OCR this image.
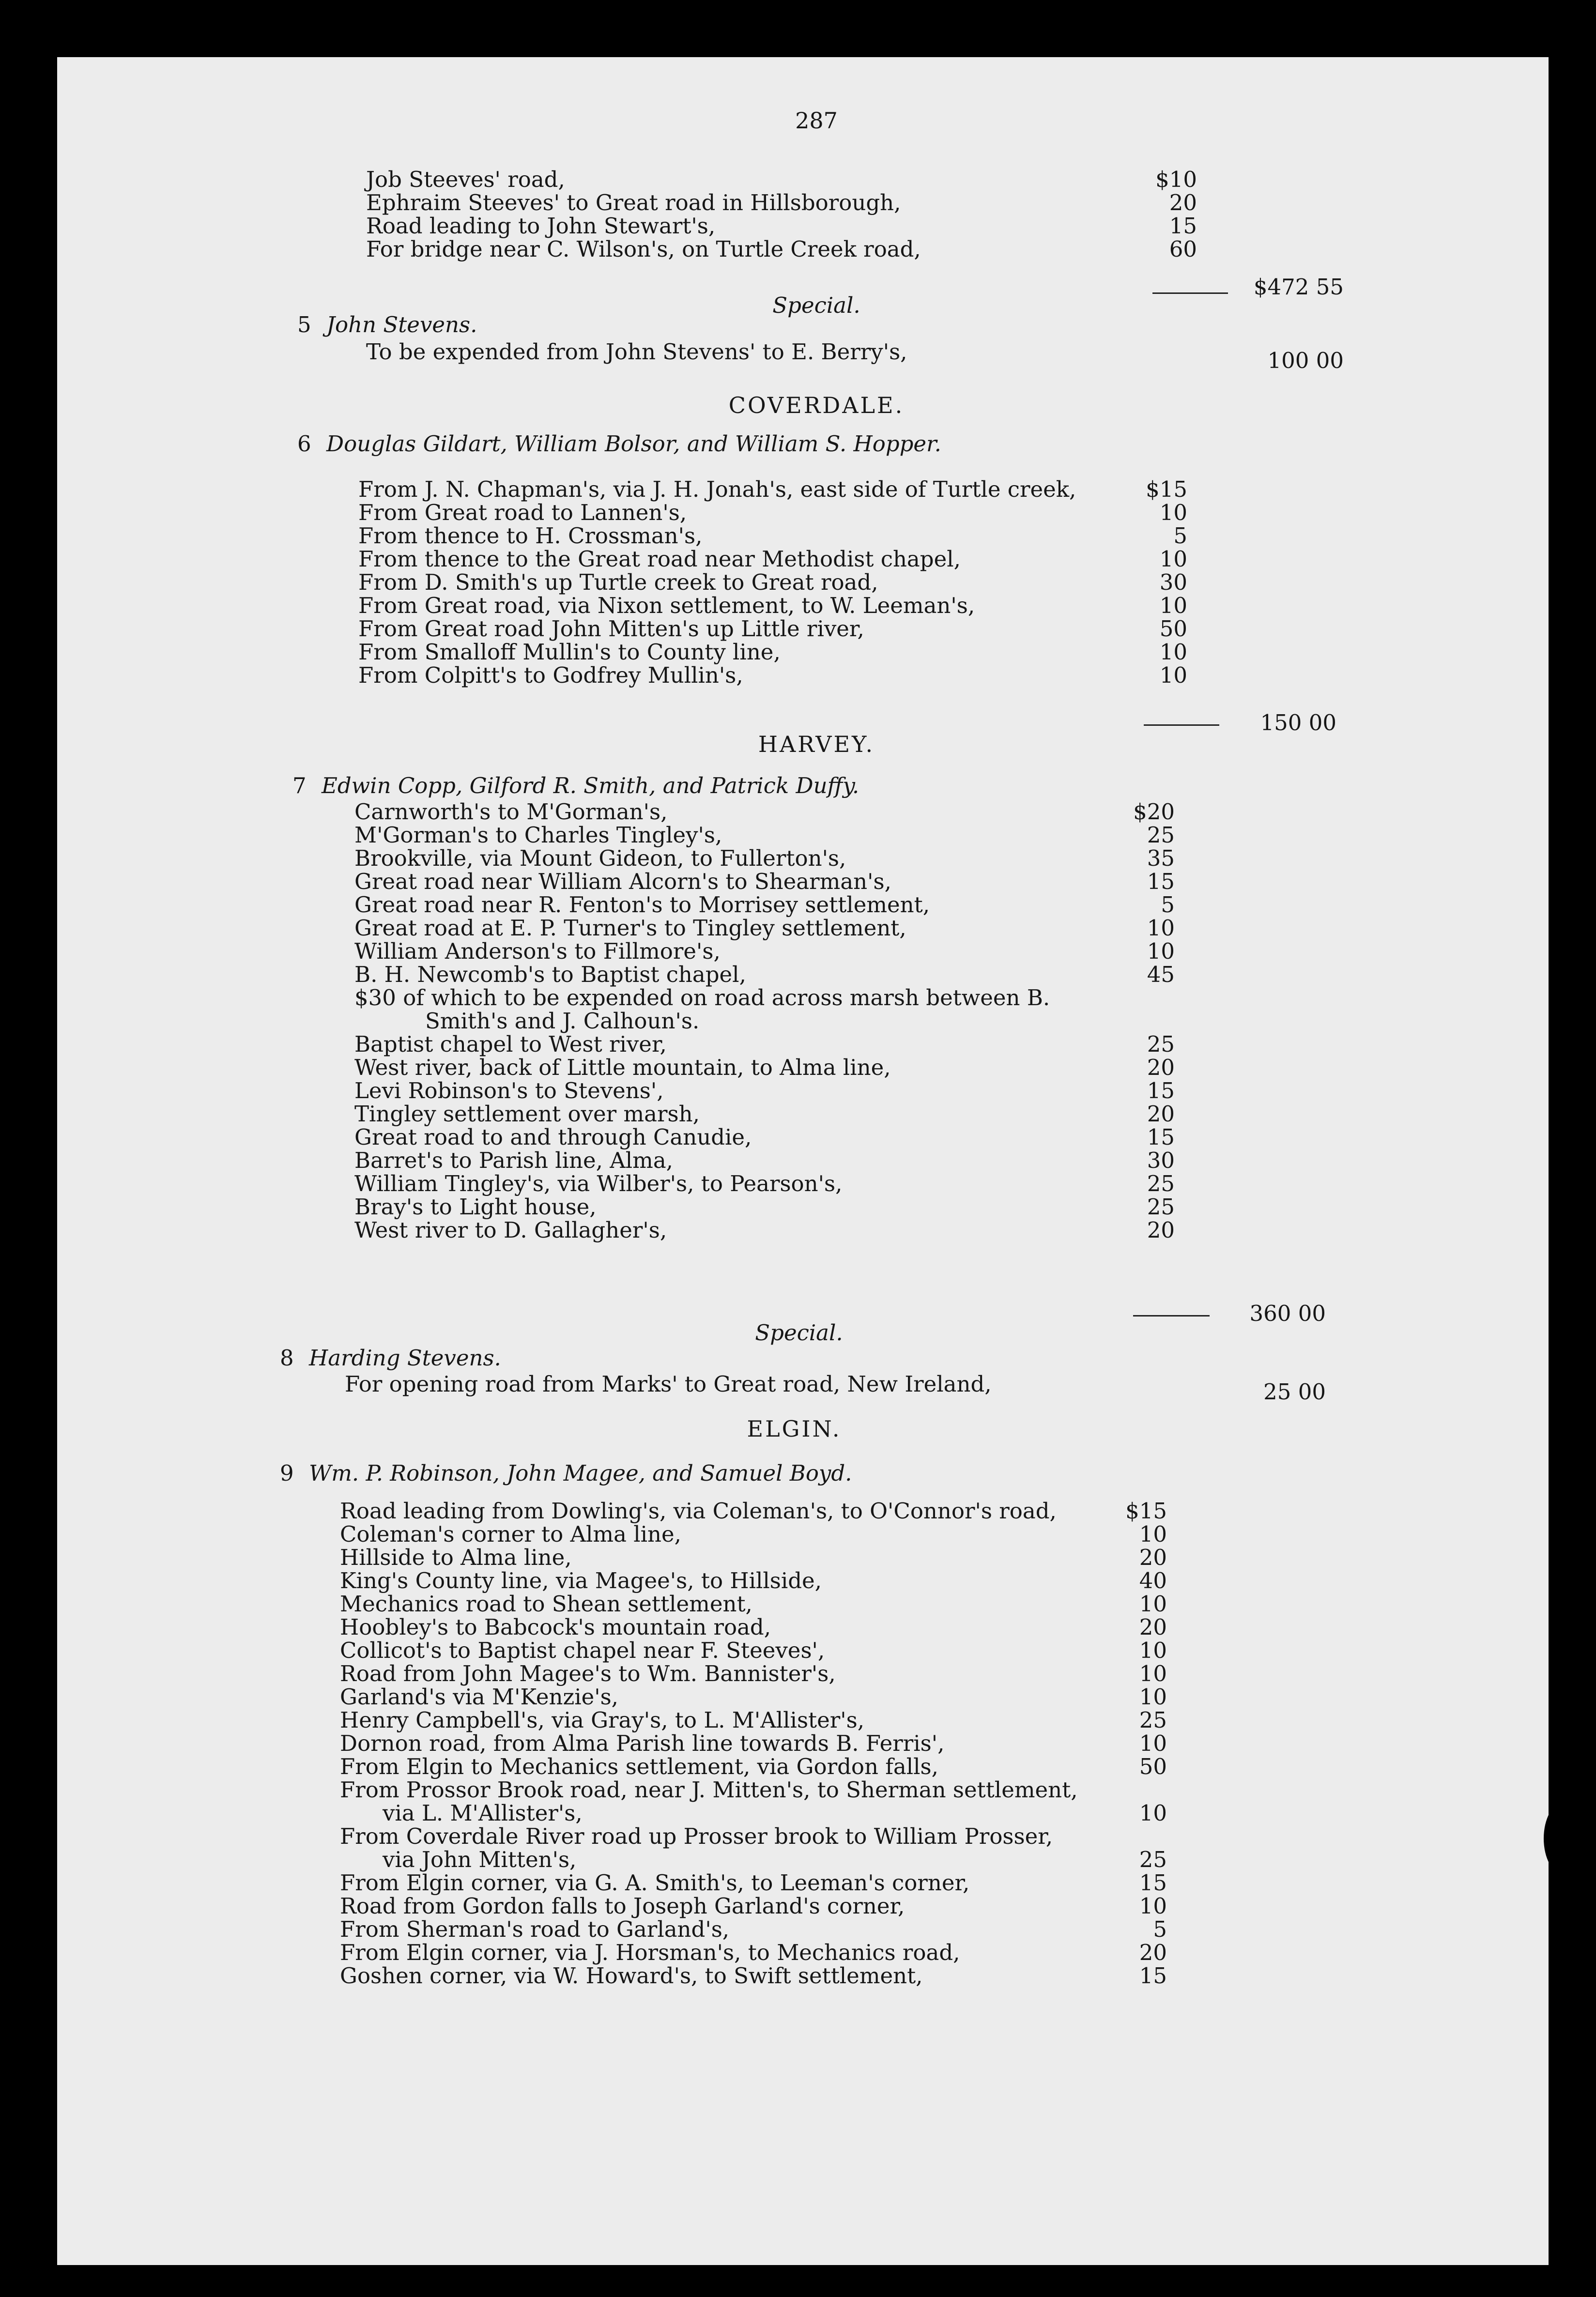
287
Job Steeves' road,	$10
Ephraim Steeves' to Great road in Hillsborough,	20
Road leading to John Stewart's,	15
For bridge near C. Wilson's, on Turtle Creek road,	60
$472 55
Special.
5 John Stevens.
To be expended from John Stevens' to E. Berry's,	100 00
COVERDALE.
6 Douglas Gildart, William Bolsor, and William S. Hopper.
From J. N. Chapman's, via J. H. Jonah's, east side of Turtle creek,	$15
From Great road to Lannen's,	10
From thence to H. Crossman's,	5
From thence to the Great road near Methodist chapel,	10
From D. Smith's up Turtle creek to Great road,	30
From Great road, via Nixon settlement, to W. Leeman's,	10
From Great road John Mitten's up Little river,	50
From Smalloff Mullin's to County line,	10
From Colpitt's to Godfrey Mullin's,	10
150 00
HARVEY.
7 Edwin Copp, Gilford R. Smith, and Patrick Duffy.
Carnworth's to M'Gorman's,	$20
M'Gorman's to Charles Tingley's,	25
Brookville, via Mount Gideon, to Fullerton's,	35
Great road near William Alcorn's to Shearman's,	15
Great road near R. Fenton's to Morrisey settlement,	5
Great road at E. P. Turner's to Tingley settlement,	10
William Anderson's to Fillmore's,	10
B. H. Newcomb's to Baptist chapel,	45
$30 of which to be expended on road across marsh between B.
Smith's and J. Calhoun's.
Baptist chapel to West river,	25
West river, back of Little mountain, to Alma line,	20
Levi Robinson's to Stevens',	15
Tingley settlement over marsh,	20
Great road to and through Canudie,	15
Barret's to Parish line, Alma,	30
William Tingley's, via Wilber's, to Pearson's,	25
Bray's to Light house,	25
West river to D. Gallagher's,	20
360 00
Special.
8 Harding Stevens.
For opening road from Marks' to Great road, New Ireland,	25 00
ELGIN.
9 Wm. P. Robinson, John Magee, and Samuel Boyd.
Road leading from Dowling's, via Coleman's, to O'Connor's road,	$15
Coleman's corner to Alma line,	10
Hillside to Alma line,	20
King's County line, via Magee's, to Hillside,	40
Mechanics road to Shean settlement,	10
Hoobley's to Babcock's mountain road,	20
Collicot's to Baptist chapel near F. Steeves',	10
Road from John Magee's to Wm. Bannister's,	10
Garland's via M'Kenzie's,	10
Henry Campbell's, via Gray's, to L. M'Allister's,	25
Dornon road, from Alma Parish line towards B. Ferris',	10
From Elgin to Mechanics settlement, via Gordon falls,	50
From Prossor Brook road, near J. Mitten's, to Sherman settlement,
via L. M'Allister's,	10
From Coverdale River road up Prosser brook to William Prosser,
via John Mitten's,	25
From Elgin corner, via G. A. Smith's, to Leeman's corner,	15
Road from Gordon falls to Joseph Garland's corner,	10
From Sherman's road to Garland's,	5
From Elgin corner, via J. Horsman's, to Mechanics road,	20
Goshen corner, via W. Howard's, to Swift settlement,	15
